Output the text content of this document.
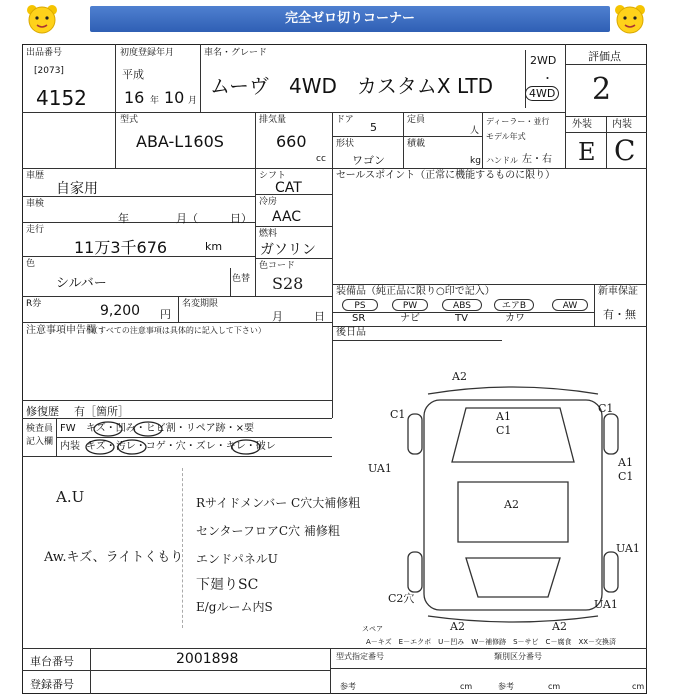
完全ゼロ切りコーナー
出品番号
[2073]
4152
初度登録年月
平成
16 年 10 月
車名・グレード
ムーヴ　4WD　カスタムX LTD
2WD
・
4WD
評価点
2
外装 内装
E C
型式
ABA-L160S
排気量
660
cc
ドア
5
定員
人
形状
ワゴン
積載
kg
ディーラー・並行
モデル年式
ハンドル 左・右
車歴
自家用
車検
年	月（	日）
走行
11万3千676	km
色
シルバー	色替
シフト
CAT
冷房
AAC
燃料
ガソリン
色コード
S28
R券	9,200 円
名変期限
月	日
注意事項申告欄
（すべての注意事項は具体的に記入して下さい）
修復歴 有［箇所］
セールスポイント（正常に機能するものに限り）
装備品（純正品に限り○印で記入）	新車保証
有・無
PS	PW	ABS	エアB	AW
SR	ナビ	TV	カワ
後日品
検査員
記入欄
FW キズ・凹み・ヒビ割・リペア跡・×要
内装 キズ・汚レ・コゲ・穴・ズレ・キレ・破レ
A.U
Aw.キズ、ライトくもり
Rサイドメンバー C穴大補修粗
センターフロアC穴 補修粗
エンドパネルU
下廻りSC
E/gルーム内S
A2
C1	A1
C1
C1
UA1	A1
C1
A2
UA1
C2穴	UA1
A2	A2
スペア
A－キズ　E－エクボ　U－凹み　W－補修跡　S－サビ　C－腐食　XX－交換済
車台番号	2001898
登録番号
型式指定番号	類別区分番号
参考	cm	参考	cm	cm
